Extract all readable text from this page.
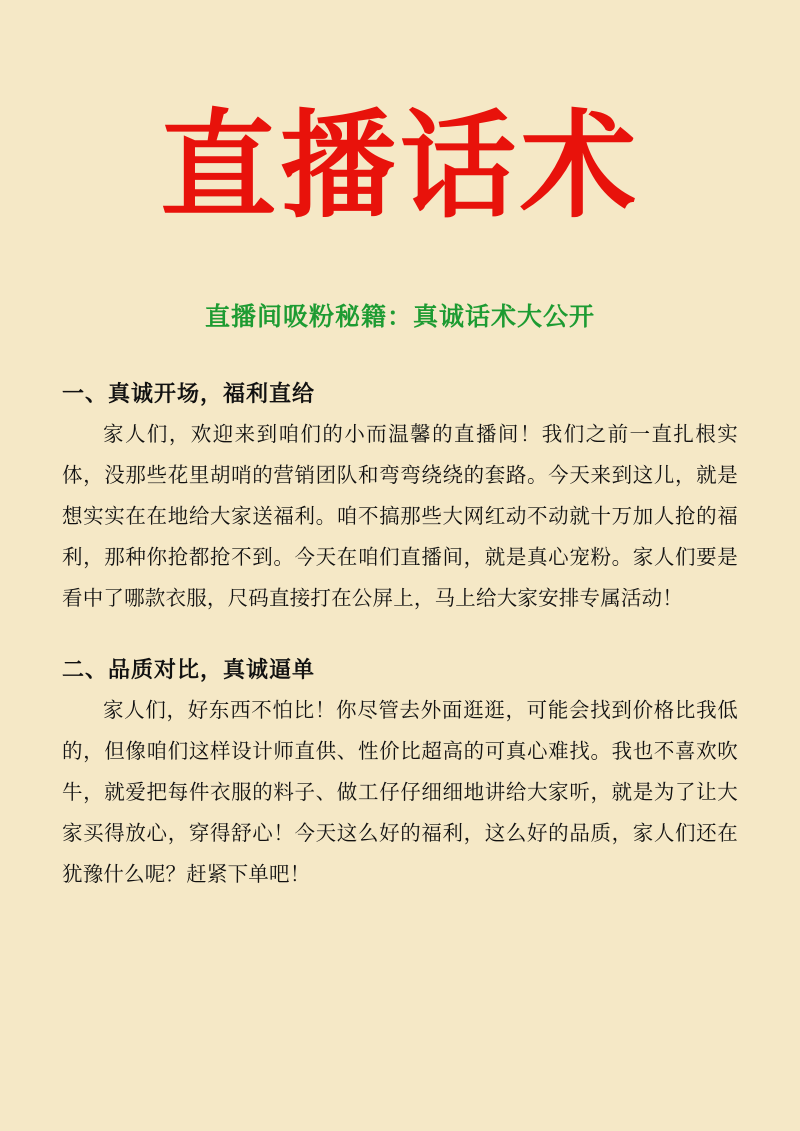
直播话术
直播间吸粉秘籍：真诚话术大公开
一、真诚开场，福利直给

家人们，欢迎来到咱们的小而温馨的直播间！我们之前一直扎根实体，没那些花里胡哨的营销团队和弯弯绕绕的套路。今天来到这儿，就是想实实在在地给大家送福利。咱不搞那些大网红动不动就十万加人抢的福利，那种你抢都抢不到。今天在咱们直播间，就是真心宠粉。家人们要是看中了哪款衣服，尺码直接打在公屏上，马上给大家安排专属活动！

二、品质对比，真诚逼单

家人们，好东西不怕比！你尽管去外面逛逛，可能会找到价格比我低的，但像咱们这样设计师直供、性价比超高的可真心难找。我也不喜欢吹牛，就爱把每件衣服的料子、做工仔仔细细地讲给大家听，就是为了让大家买得放心，穿得舒心！今天这么好的福利，这么好的品质，家人们还在犹豫什么呢？赶紧下单吧！
